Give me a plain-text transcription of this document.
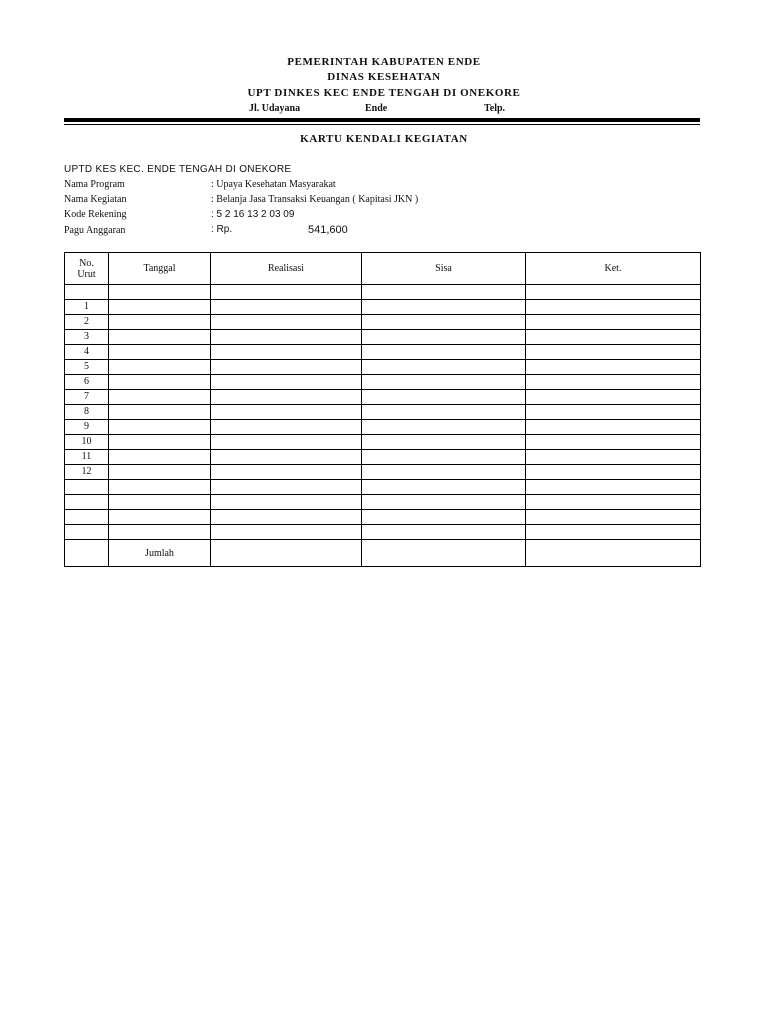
PEMERINTAH KABUPATEN ENDE
DINAS KESEHATAN
UPT DINKES KEC ENDE TENGAH DI ONEKORE
Jl. Udayana	Ende	Telp.
KARTU KENDALI KEGIATAN
UPTD KES KEC. ENDE TENGAH DI ONEKORE
Nama Program	: Upaya Kesehatan Masyarakat
Nama Kegiatan	: Belanja Jasa Transaksi Keuangan ( Kapitasi JKN )
Kode Rekening	: 5 2 16 13 2 03 09
Pagu Anggaran	: Rp.	541,600
No.
Urut	Tanggal	Realisasi	Sisa	Ket.

1				
2				
3				
4				
5				
6				
7				
8				
9				
10				
11				
12				

	Jumlah			
